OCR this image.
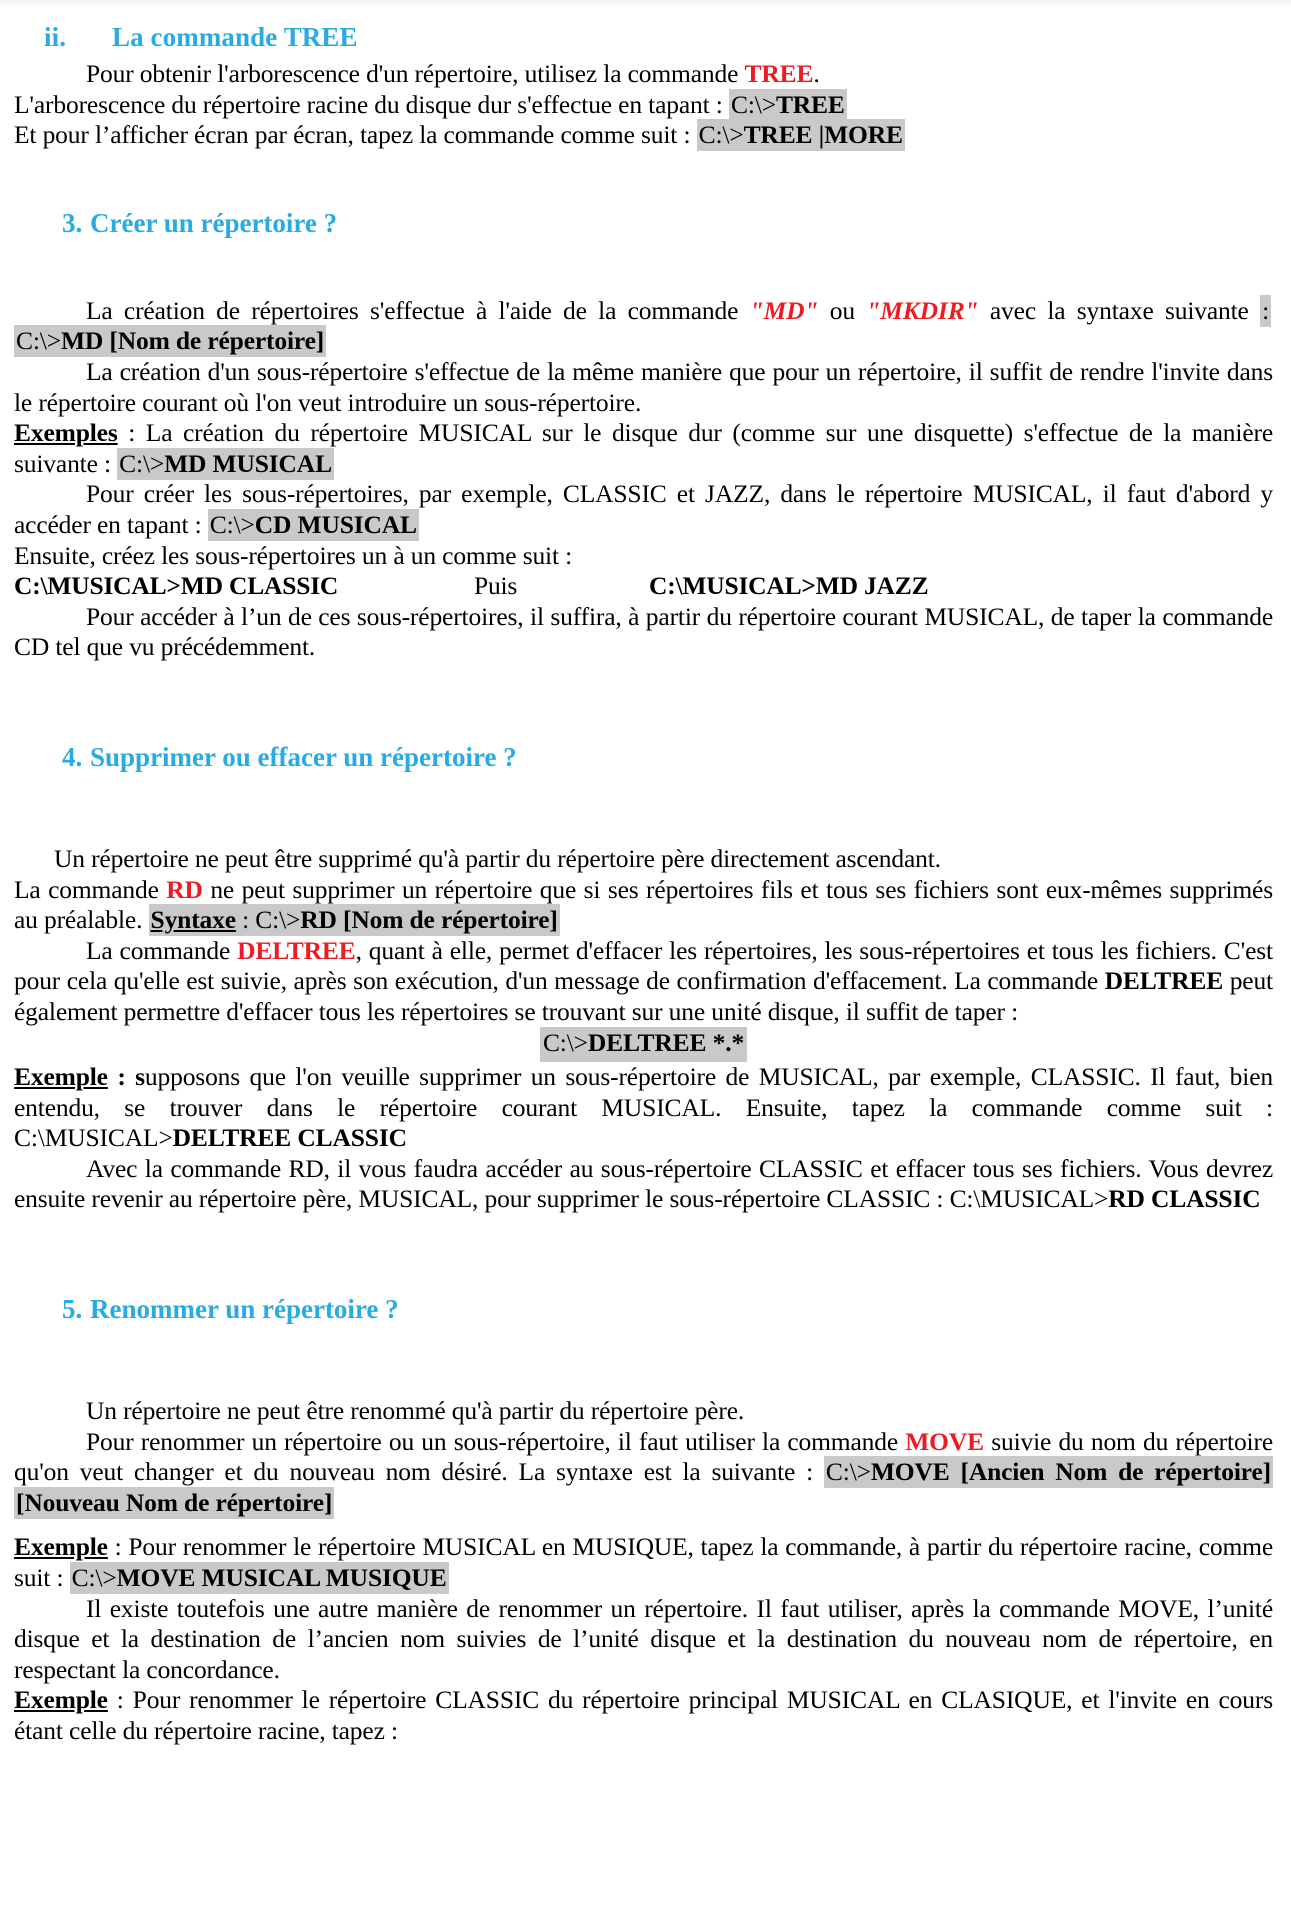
ii. La commande TREE

Pour obtenir l'arborescence d'un répertoire, utilisez la commande TREE.

L'arborescence du répertoire racine du disque dur s'effectue en tapant : C:\>TREE

Et pour l’afficher écran par écran, tapez la commande comme suit : C:\>TREE |MORE

3. Créer un répertoire ?

La création de répertoires s'effectue à l'aide de la commande "MD" ou "MKDIR" avec la syntaxe suivante : C:\>MD [Nom de répertoire]

La création d'un sous-répertoire s'effectue de la même manière que pour un répertoire, il suffit de rendre l'invite dans le répertoire courant où l'on veut introduire un sous-répertoire.

Exemples : La création du répertoire MUSICAL sur le disque dur (comme sur une disquette) s'effectue de la manière suivante : C:\>MD MUSICAL

Pour créer les sous-répertoires, par exemple, CLASSIC et JAZZ, dans le répertoire MUSICAL, il faut d'abord y accéder en tapant : C:\>CD MUSICAL

Ensuite, créez les sous-répertoires un à un comme suit :

C:\MUSICAL>MD CLASSIC	Puis	C:\MUSICAL>MD JAZZ

Pour accéder à l’un de ces sous-répertoires, il suffira, à partir du répertoire courant MUSICAL, de taper la commande CD tel que vu précédemment.

4. Supprimer ou effacer un répertoire ?

Un répertoire ne peut être supprimé qu'à partir du répertoire père directement ascendant.

La commande RD ne peut supprimer un répertoire que si ses répertoires fils et tous ses fichiers sont eux-mêmes supprimés au préalable. Syntaxe : C:\>RD [Nom de répertoire]

La commande DELTREE, quant à elle, permet d'effacer les répertoires, les sous-répertoires et tous les fichiers. C'est pour cela qu'elle est suivie, après son exécution, d'un message de confirmation d'effacement. La commande DELTREE peut également permettre d'effacer tous les répertoires se trouvant sur une unité disque, il suffit de taper :

C:\>DELTREE *.*

Exemple : supposons que l'on veuille supprimer un sous-répertoire de MUSICAL, par exemple, CLASSIC. Il faut, bien entendu, se trouver dans le répertoire courant MUSICAL. Ensuite, tapez la commande comme suit : C:\MUSICAL>DELTREE CLASSIC

Avec la commande RD, il vous faudra accéder au sous-répertoire CLASSIC et effacer tous ses fichiers. Vous devrez ensuite revenir au répertoire père, MUSICAL, pour supprimer le sous-répertoire CLASSIC : C:\MUSICAL>RD CLASSIC

5. Renommer un répertoire ?

Un répertoire ne peut être renommé qu'à partir du répertoire père.

Pour renommer un répertoire ou un sous-répertoire, il faut utiliser la commande MOVE suivie du nom du répertoire qu'on veut changer et du nouveau nom désiré. La syntaxe est la suivante : C:\>MOVE [Ancien Nom de répertoire] [Nouveau Nom de répertoire]

Exemple : Pour renommer le répertoire MUSICAL en MUSIQUE, tapez la commande, à partir du répertoire racine, comme suit : C:\>MOVE MUSICAL MUSIQUE

Il existe toutefois une autre manière de renommer un répertoire. Il faut utiliser, après la commande MOVE, l’unité disque et la destination de l’ancien nom suivies de l’unité disque et la destination du nouveau nom de répertoire, en respectant la concordance.

Exemple : Pour renommer le répertoire CLASSIC du répertoire principal MUSICAL en CLASIQUE, et l'invite en cours étant celle du répertoire racine, tapez :
